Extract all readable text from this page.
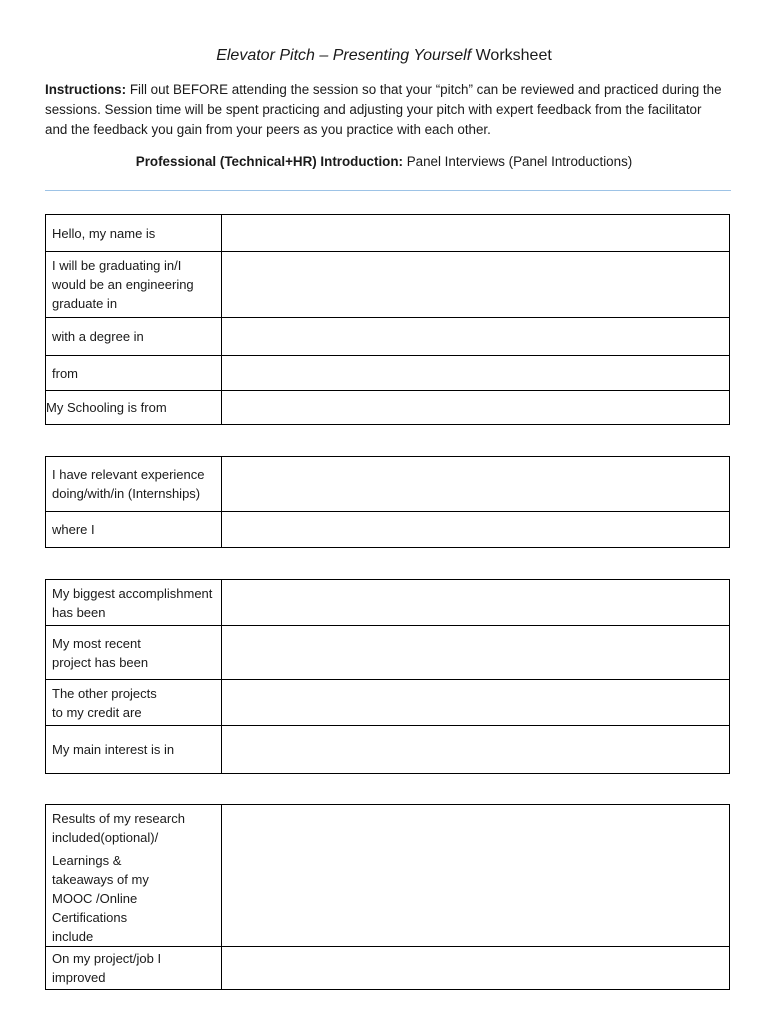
Elevator Pitch – Presenting Yourself Worksheet
Instructions: Fill out BEFORE attending the session so that your “pitch” can be reviewed and practiced during the sessions. Session time will be spent practicing and adjusting your pitch with expert feedback from the facilitator and the feedback you gain from your peers as you practice with each other.
Professional (Technical+HR) Introduction: Panel Interviews (Panel Introductions)
Hello, my name is	
I will be graduating in/I would be an engineering graduate in	
with a degree in	
from	
My Schooling is from	
I have relevant experience doing/with/in (Internships)	
where I	
My biggest accomplishment has been	
My most recent project has been	
The other projects to my credit are	
My main interest is in	
Results of my research included(optional)/
Learnings & takeaways of my MOOC /Online Certifications include	

On my project/job I improved	
